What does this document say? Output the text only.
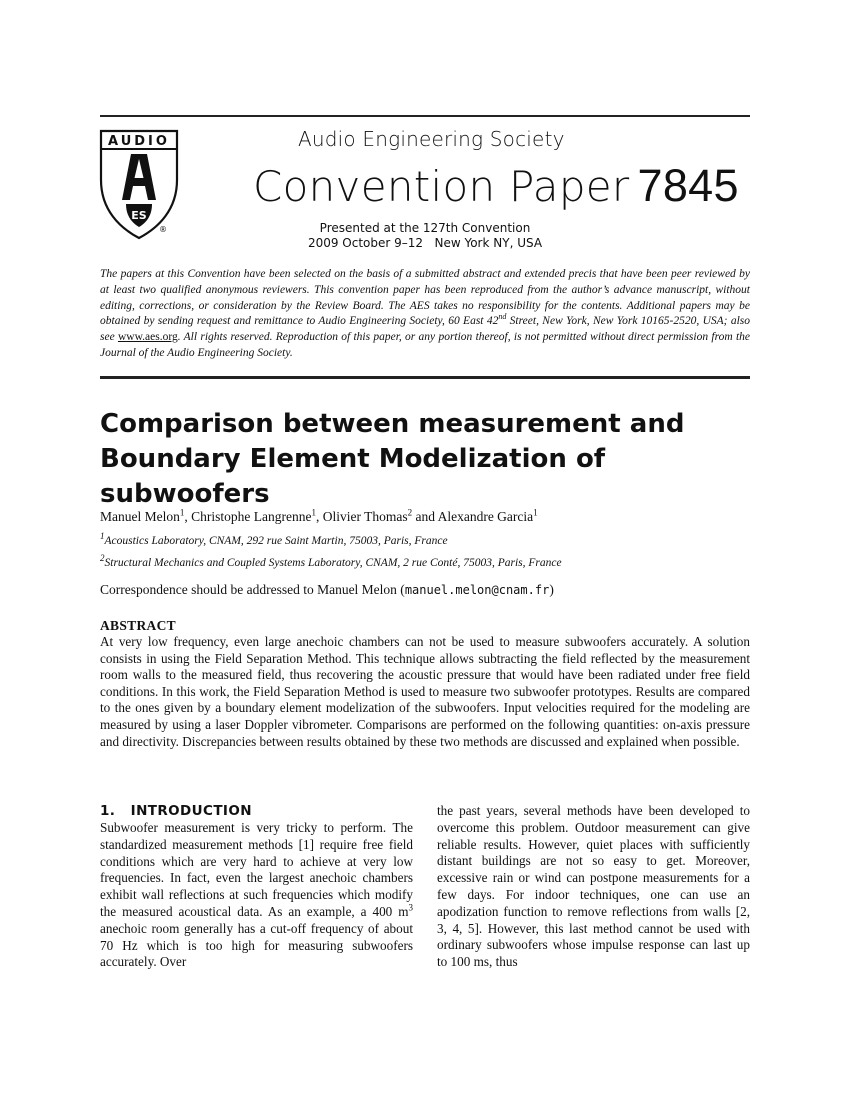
AUDIO
ES
®
Audio Engineering Society
Convention Paper 7845
Presented at the 127th Convention
2009 October 9–12   New York NY, USA
The papers at this Convention have been selected on the basis of a submitted abstract and extended precis that have been peer reviewed by at least two qualified anonymous reviewers. This convention paper has been reproduced from the author’s advance manuscript, without editing, corrections, or consideration by the Review Board. The AES takes no responsibility for the contents. Additional papers may be obtained by sending request and remittance to Audio Engineering Society, 60 East 42nd Street, New York, New York 10165-2520, USA; also see www.aes.org. All rights reserved. Reproduction of this paper, or any portion thereof, is not permitted without direct permission from the Journal of the Audio Engineering Society.
Comparison between measurement and
Boundary Element Modelization of subwoofers
Manuel Melon$^1$, Christophe Langrenne$^1$, Olivier Thomas$^2$ and Alexandre Garcia$^1$
$^1$Acoustics Laboratory, CNAM, 292 rue Saint Martin, 75003, Paris, France
$^2$Structural Mechanics and Coupled Systems Laboratory, CNAM, 2 rue Conté, 75003, Paris, France
Correspondence should be addressed to Manuel Melon (manuel.melon@cnam.fr)
ABSTRACT
At very low frequency, even large anechoic chambers can not be used to measure subwoofers accurately. A solution consists in using the Field Separation Method. This technique allows subtracting the field reflected by the measurement room walls to the measured field, thus recovering the acoustic pressure that would have been radiated under free field conditions. In this work, the Field Separation Method is used to measure two subwoofer prototypes. Results are compared to the ones given by a boundary element modelization of the subwoofers. Input velocities required for the modeling are measured by using a laser Doppler vibrometer. Comparisons are performed on the following quantities: on-axis pressure and directivity. Discrepancies between results obtained by these two methods are discussed and explained when possible.
1. INTRODUCTION
Subwoofer measurement is very tricky to perform. The standardized measurement methods [1] require free field conditions which are very hard to achieve at very low frequencies. In fact, even the largest anechoic chambers exhibit wall reflections at such frequencies which modify the measured acoustical data. As an example, a 400 $m^3$ anechoic room generally has a cut-off frequency of about 70 Hz which is too high for measuring subwoofers accurately. Over
the past years, several methods have been developed to overcome this problem. Outdoor measurement can give reliable results. However, quiet places with sufficiently distant buildings are not so easy to get. Moreover, excessive rain or wind can postpone measurements for a few days. For indoor techniques, one can use an apodization function to remove reflections from walls [2, 3, 4, 5]. However, this last method cannot be used with ordinary subwoofers whose impulse response can last up to 100 ms, thus
